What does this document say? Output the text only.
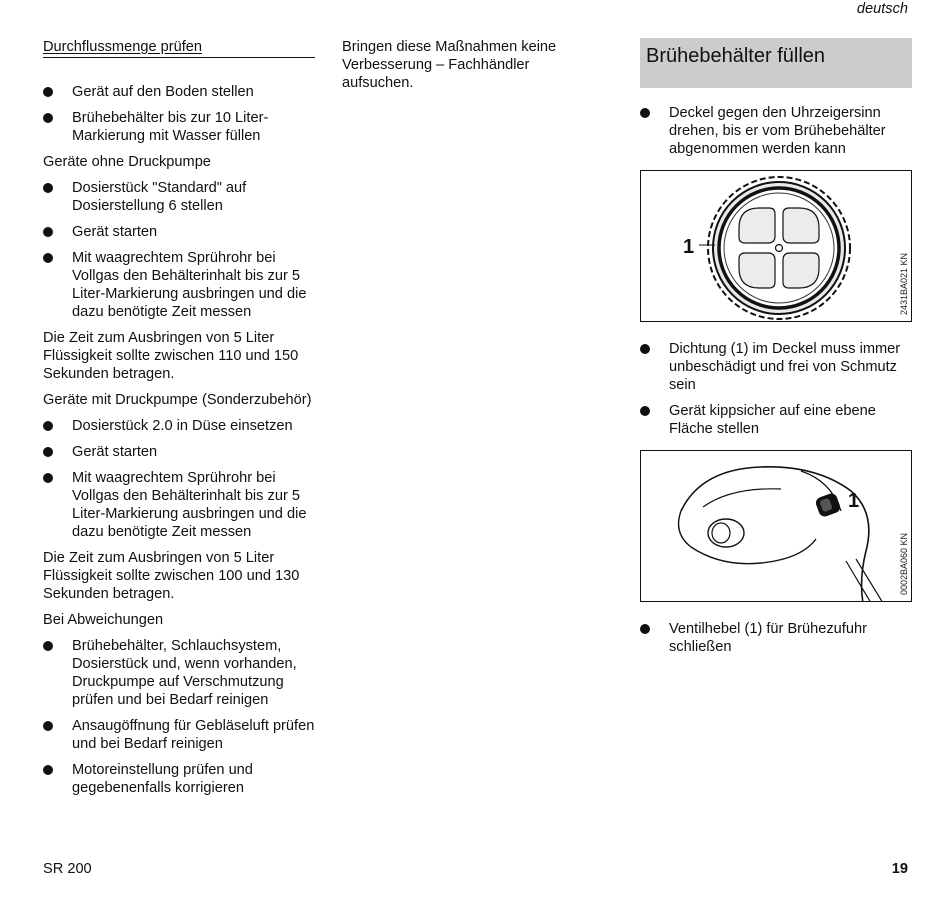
deutsch
Durchflussmenge prüfen
Gerät auf den Boden stellen
Brühebehälter bis zur 10 Liter-Markierung mit Wasser füllen
Geräte ohne Druckpumpe
Dosierstück "Standard" auf Dosierstellung 6 stellen
Gerät starten
Mit waagrechtem Sprührohr bei Vollgas den Behälterinhalt bis zur 5 Liter-Markierung ausbringen und die dazu benötigte Zeit messen
Die Zeit zum Ausbringen von 5 Liter Flüssigkeit sollte zwischen 110 und 150 Sekunden betragen.
Geräte mit Druckpumpe (Sonderzubehör)
Dosierstück 2.0 in Düse einsetzen
Gerät starten
Mit waagrechtem Sprührohr bei Vollgas den Behälterinhalt bis zur 5 Liter-Markierung ausbringen und die dazu benötigte Zeit messen
Die Zeit zum Ausbringen von 5 Liter Flüssigkeit sollte zwischen 100 und 130 Sekunden betragen.
Bei Abweichungen
Brühebehälter, Schlauchsystem, Dosierstück und, wenn vorhanden, Druckpumpe auf Verschmutzung prüfen und bei Bedarf reinigen
Ansaugöffnung für Gebläseluft prüfen und bei Bedarf reinigen
Motoreinstellung prüfen und gegebenenfalls korrigieren
Bringen diese Maßnahmen keine Verbesserung – Fachhändler aufsuchen.
Brühebehälter füllen
Deckel gegen den Uhrzeigersinn drehen, bis er vom Brühebehälter abgenommen werden kann
1
2431BA021 KN
Dichtung (1) im Deckel muss immer unbeschädigt und frei von Schmutz sein
Gerät kippsicher auf eine ebene Fläche stellen
1
0002BA060 KN
Ventilhebel (1) für Brühezufuhr schließen
SR 200	19
